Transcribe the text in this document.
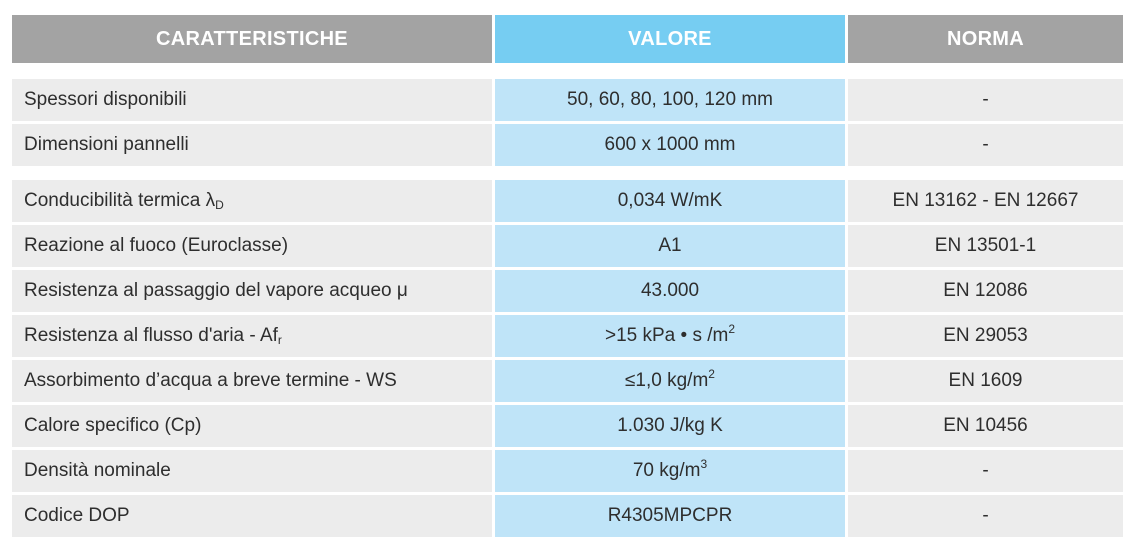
CARATTERISTICHE	VALORE	NORMA
Spessori disponibili	50, 60, 80, 100, 120 mm	-
Dimensioni pannelli	600 x 1000 mm	-
Conducibilità termica $\lambda_D$	0,034 W/mK	EN 13162 - EN 12667
Reazione al fuoco (Euroclasse)	A1	EN 13501-1
Resistenza al passaggio del vapore acqueo μ	43.000	EN 12086
Resistenza al flusso d'aria - $Af_r$	>15 kPa • s $/m^2$	EN 29053
Assorbimento d’acqua a breve termine - WS	≤1,0 $kg/m^2$	EN 1609
Calore specifico (Cp)	1.030 J/kg K	EN 10456
Densità nominale	70 $kg/m^3$	-
Codice DOP	R4305MPCPR	-
